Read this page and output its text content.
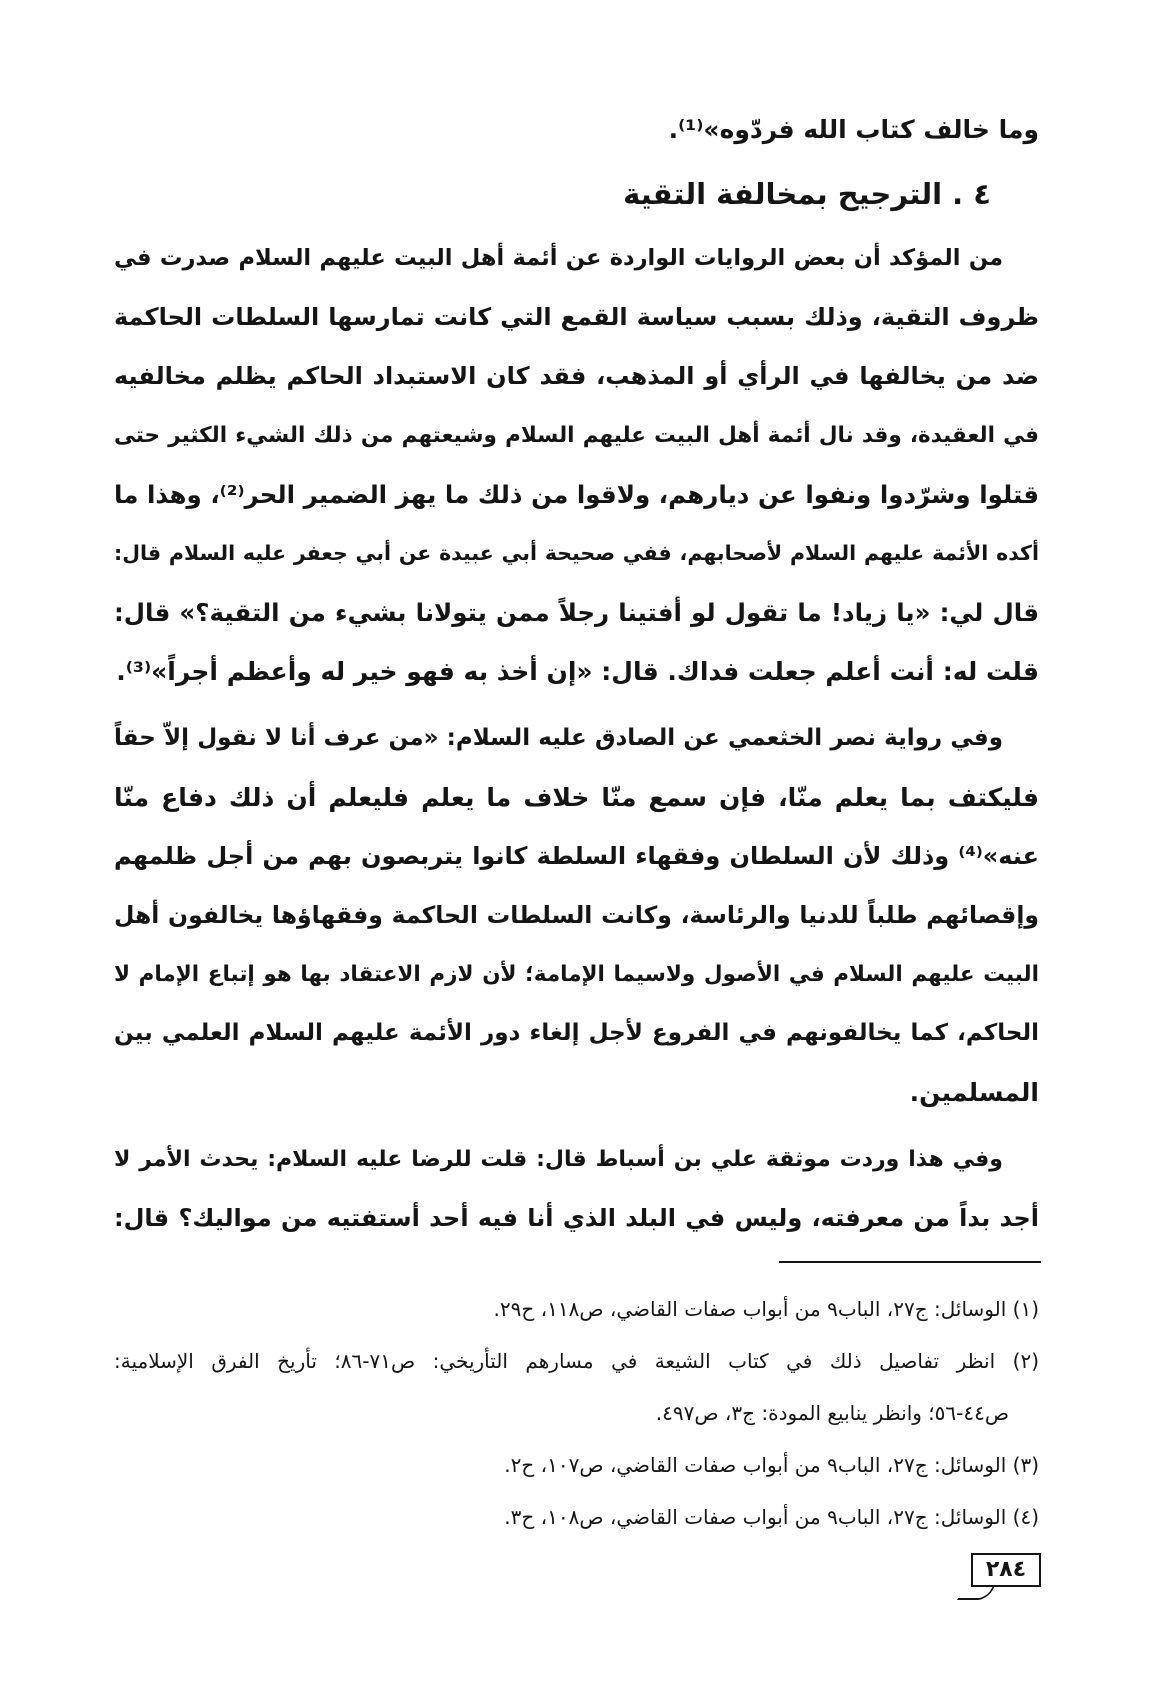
وما خالف كتاب الله فردّوه»⁽¹⁾.
٤ . الترجيح بمخالفة التقية
من المؤكد أن بعض الروايات الواردة عن أئمة أهل البيت عليهم السلام صدرت في
ظروف التقية، وذلك بسبب سياسة القمع التي كانت تمارسها السلطات الحاكمة
ضد من يخالفها في الرأي أو المذهب، فقد كان الاستبداد الحاكم يظلم مخالفيه
في العقيدة، وقد نال أئمة أهل البيت عليهم السلام وشيعتهم من ذلك الشيء الكثير حتى
قتلوا وشرّدوا ونفوا عن ديارهم، ولاقوا من ذلك ما يهز الضمير الحر⁽²⁾، وهذا ما
أكده الأئمة عليهم السلام لأصحابهم، ففي صحيحة أبي عبيدة عن أبي جعفر عليه السلام قال:
قال لي: «يا زياد! ما تقول لو أفتينا رجلاً ممن يتولانا بشيء من التقية؟» قال:
قلت له: أنت أعلم جعلت فداك. قال: «إن أخذ به فهو خير له وأعظم أجراً»⁽³⁾.
وفي رواية نصر الخثعمي عن الصادق عليه السلام: «من عرف أنا لا نقول إلاّ حقاً
فليكتف بما يعلم منّا، فإن سمع منّا خلاف ما يعلم فليعلم أن ذلك دفاع منّا
عنه»⁽⁴⁾ وذلك لأن السلطان وفقهاء السلطة كانوا يتربصون بهم من أجل ظلمهم
وإقصائهم طلباً للدنيا والرئاسة، وكانت السلطات الحاكمة وفقهاؤها يخالفون أهل
البيت عليهم السلام في الأصول ولاسيما الإمامة؛ لأن لازم الاعتقاد بها هو إتباع الإمام لا
الحاكم، كما يخالفونهم في الفروع لأجل إلغاء دور الأئمة عليهم السلام العلمي بين
المسلمين.
وفي هذا وردت موثقة علي بن أسباط قال: قلت للرضا عليه السلام: يحدث الأمر لا
أجد بداً من معرفته، وليس في البلد الذي أنا فيه أحد أستفتيه من مواليك؟ قال:
(١) الوسائل: ج٢٧، الباب٩ من أبواب صفات القاضي، ص١١٨، ح٢٩.
(٢) انظر تفاصيل ذلك في كتاب الشيعة في مسارهم التأريخي: ص٧١-٨٦؛ تأريخ الفرق الإسلامية:
ص٤٤-٥٦؛ وانظر ينابيع المودة: ج٣، ص٤٩٧.
(٣) الوسائل: ج٢٧، الباب٩ من أبواب صفات القاضي، ص١٠٧، ح٢.
(٤) الوسائل: ج٢٧، الباب٩ من أبواب صفات القاضي، ص١٠٨، ح٣.
٢٨٤
